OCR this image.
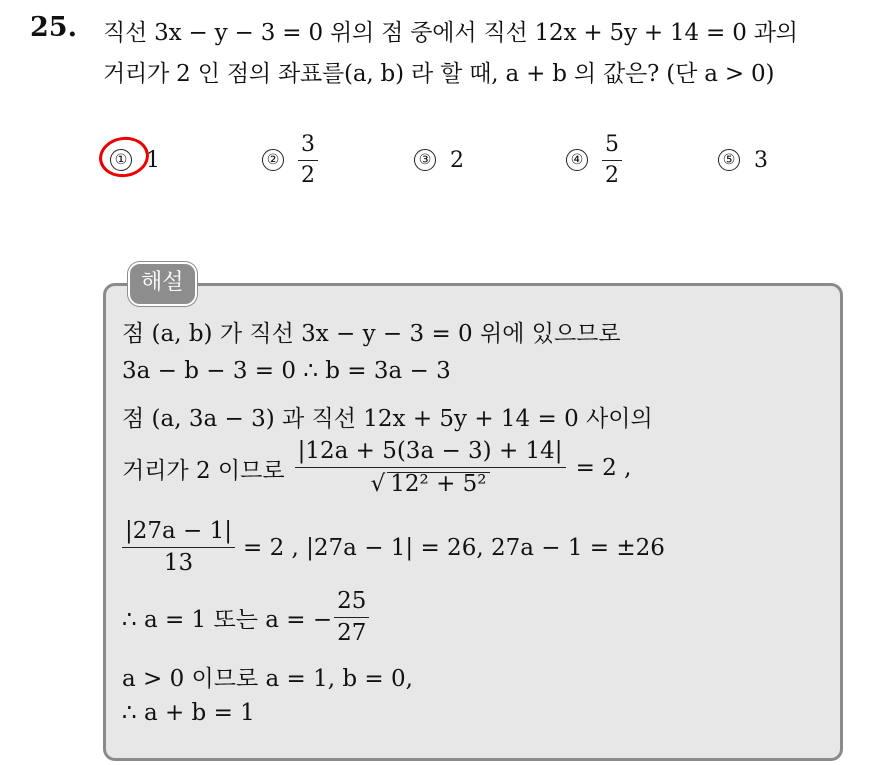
25. 직선 3x − y − 3 = 0 위의 점 중에서 직선 12x + 5y + 14 = 0 과의
거리가 2 인 점의 좌표를(a, b) 라 할 때, a + b 의 값은? (단 a > 0)
① 1	② $\frac{3}{2}$	③ 2	④ $\frac{5}{2}$	⑤ 3
해설
점 (a, b) 가 직선 3x − y − 3 = 0 위에 있으므로
3a − b − 3 = 0 ∴ b = 3a − 3
점 (a, 3a − 3) 과 직선 12x + 5y + 14 = 0 사이의
거리가 2 이므로 $\frac{|12a + 5(3a - 3) + 14|}{\text{√ 12² + 5²}} = 2$ ,
$\frac{|27a - 1|}{13} = 2$ , |27a − 1| = 26, 27a − 1 = ±26
∴ a = 1 또는 a = − $\frac{25}{27}$
a > 0 이므로 a = 1, b = 0,
∴ a + b = 1
